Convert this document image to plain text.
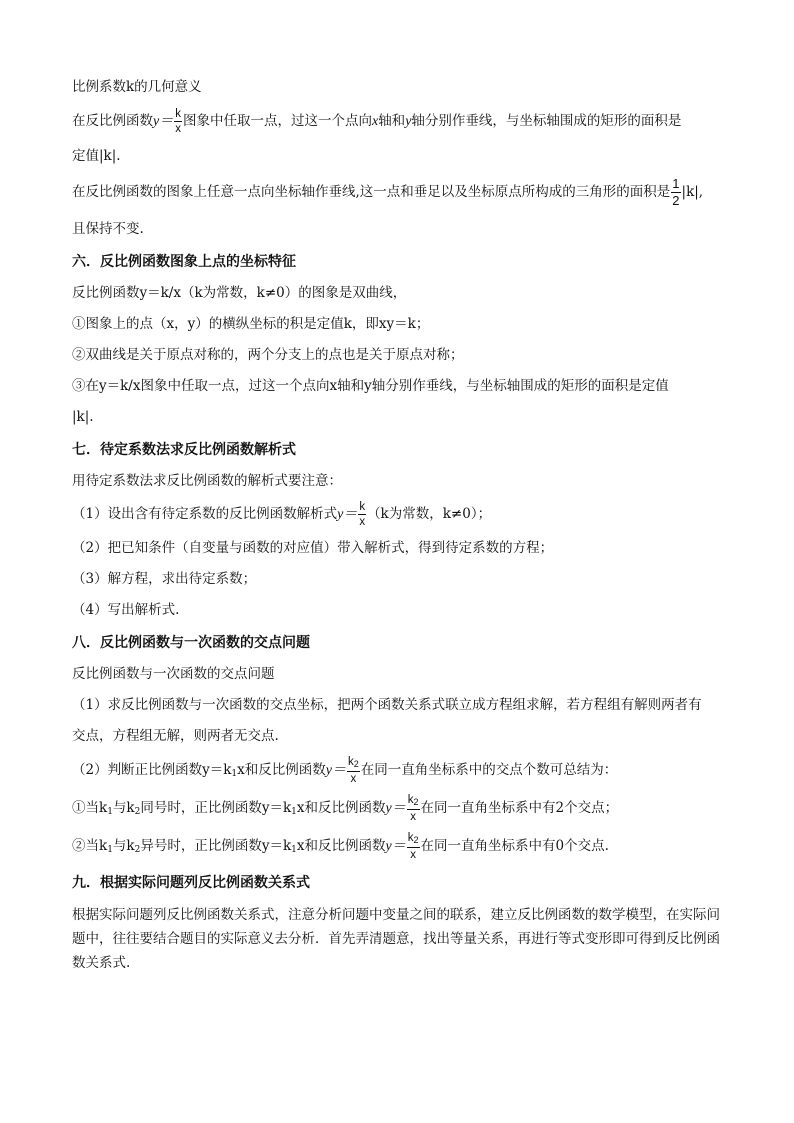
比例系数k的几何意义
在反比例函数$y= \frac{k}{x}$ 图象中任取一点，过这一个点向x轴和y轴分别作垂线，与坐标轴围成的矩形的面积是
定值|k|.
在反比例函数的图象上任意一点向坐标轴作垂线,这一点和垂足以及坐标原点所构成的三角形的面积是 $\frac{1}{2} |k|$,
且保持不变.
六．反比例函数图象上点的坐标特征
反比例函数y＝k/x（k为常数，k≠0）的图象是双曲线，
①图象上的点（x，y）的横纵坐标的积是定值k，即xy＝k；
②双曲线是关于原点对称的，两个分支上的点也是关于原点对称；
③在y＝k/x图象中任取一点，过这一个点向x轴和y轴分别作垂线，与坐标轴围成的矩形的面积是定值
|k|.
七．待定系数法求反比例函数解析式
用待定系数法求反比例函数的解析式要注意：
（1）设出含有待定系数的反比例函数解析式$y= \frac{k}{x} (k$为常数，k≠0）；
（2）把已知条件（自变量与函数的对应值）带入解析式，得到待定系数的方程；
（3）解方程，求出待定系数；
（4）写出解析式.
八．反比例函数与一次函数的交点问题
反比例函数与一次函数的交点问题
（1）求反比例函数与一次函数的交点坐标，把两个函数关系式联立成方程组求解，若方程组有解则两者有
交点，方程组无解，则两者无交点.
（2）判断正比例函数$y=k_1x$和反比例函数$y= \frac{k_2}{x}$ 在同一直角坐标系中的交点个数可总结为：
①当$k_1$与$k_2$同号时，正比例函数$y=k_1x$和反比例函数$y= \frac{k_2}{x}$ 在同一直角坐标系中有2个交点；
②当$k_1$与$k_2$异号时，正比例函数$y=k_1x$和反比例函数$y= \frac{k_2}{x}$ 在同一直角坐标系中有0个交点.
九．根据实际问题列反比例函数关系式
根据实际问题列反比例函数关系式，注意分析问题中变量之间的联系，建立反比例函数的数学模型，在实际问题中，往往要结合题目的实际意义去分析．首先弄清题意，找出等量关系，再进行等式变形即可得到反比例函数关系式.
